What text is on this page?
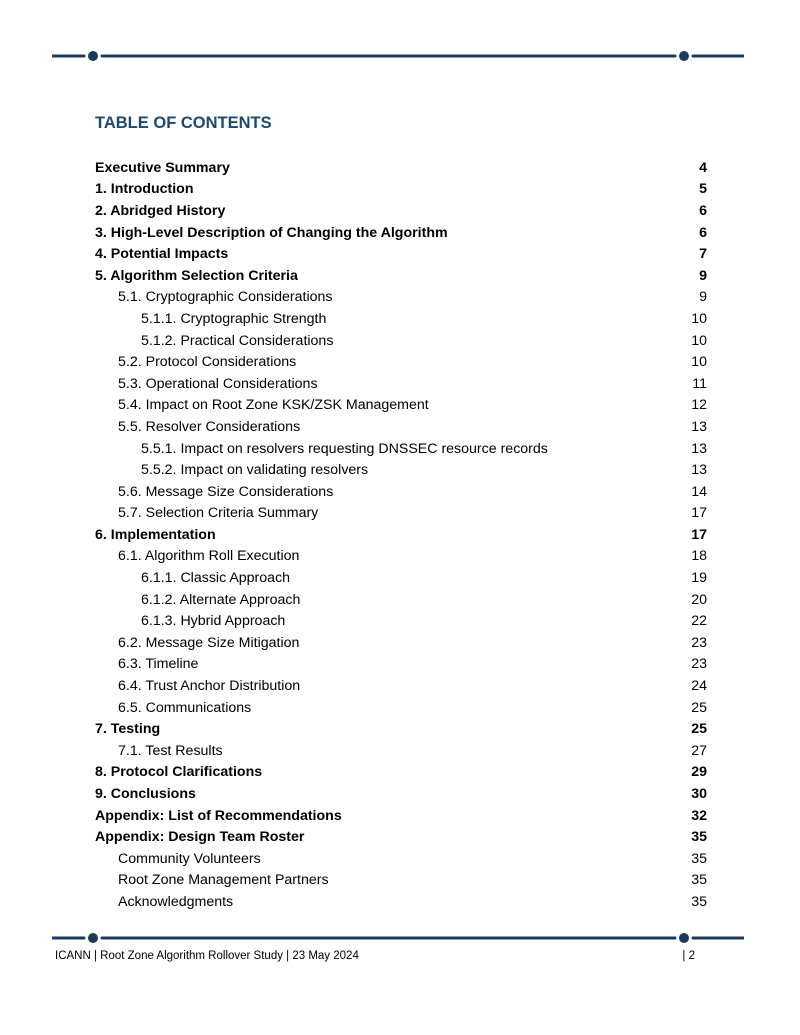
TABLE OF CONTENTS
Executive Summary	4
1. Introduction	5
2. Abridged History	6
3. High-Level Description of Changing the Algorithm	6
4. Potential Impacts	7
5. Algorithm Selection Criteria	9
5.1. Cryptographic Considerations	9
5.1.1. Cryptographic Strength	10
5.1.2. Practical Considerations	10
5.2. Protocol Considerations	10
5.3. Operational Considerations	11
5.4. Impact on Root Zone KSK/ZSK Management	12
5.5. Resolver Considerations	13
5.5.1. Impact on resolvers requesting DNSSEC resource records	13
5.5.2. Impact on validating resolvers	13
5.6. Message Size Considerations	14
5.7. Selection Criteria Summary	17
6. Implementation	17
6.1. Algorithm Roll Execution	18
6.1.1. Classic Approach	19
6.1.2. Alternate Approach	20
6.1.3. Hybrid Approach	22
6.2. Message Size Mitigation	23
6.3. Timeline	23
6.4. Trust Anchor Distribution	24
6.5. Communications	25
7. Testing	25
7.1. Test Results	27
8. Protocol Clarifications	29
9. Conclusions	30
Appendix: List of Recommendations	32
Appendix: Design Team Roster	35
Community Volunteers	35
Root Zone Management Partners	35
Acknowledgments	35
ICANN | Root Zone Algorithm Rollover Study | 23 May 2024	| 2
